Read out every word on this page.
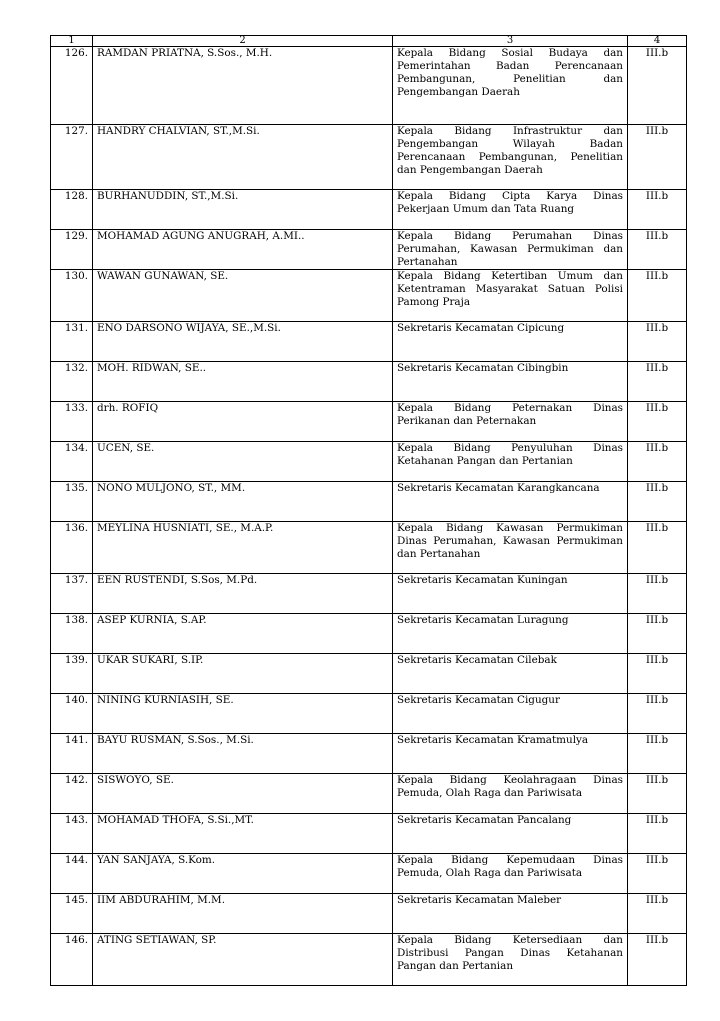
1	2	3	4
126.	RAMDAN PRIATNA, S.Sos., M.H.	Kepala Bidang Sosial Budaya dan Pemerintahan Badan Perencanaan Pembangunan, Penelitian dan Pengembangan Daerah	III.b
127.	HANDRY CHALVIAN, ST.,M.Si.	Kepala Bidang Infrastruktur dan Pengembangan Wilayah Badan Perencanaan Pembangunan, Penelitian dan Pengembangan Daerah	III.b
128.	BURHANUDDIN, ST.,M.Si.	Kepala Bidang Cipta Karya Dinas Pekerjaan Umum dan Tata Ruang	III.b
129.	MOHAMAD AGUNG ANUGRAH, A.MI..	Kepala Bidang Perumahan Dinas Perumahan, Kawasan Permukiman dan Pertanahan	III.b
130.	WAWAN GUNAWAN, SE.	Kepala Bidang Ketertiban Umum dan Ketentraman Masyarakat Satuan Polisi Pamong Praja	III.b
131.	ENO DARSONO WIJAYA, SE.,M.Si.	Sekretaris Kecamatan Cipicung	III.b
132.	MOH. RIDWAN, SE..	Sekretaris Kecamatan Cibingbin	III.b
133.	drh. ROFIQ	Kepala Bidang Peternakan Dinas Perikanan dan Peternakan	III.b
134.	UCEN, SE.	Kepala Bidang Penyuluhan Dinas Ketahanan Pangan dan Pertanian	III.b
135.	NONO MULJONO, ST., MM.	Sekretaris Kecamatan Karangkancana	III.b
136.	MEYLINA HUSNIATI, SE., M.A.P.	Kepala Bidang Kawasan Permukiman Dinas Perumahan, Kawasan Permukiman dan Pertanahan	III.b
137.	EEN RUSTENDI, S.Sos, M.Pd.	Sekretaris Kecamatan Kuningan	III.b
138.	ASEP KURNIA, S.AP.	Sekretaris Kecamatan Luragung	III.b
139.	UKAR SUKARI, S.IP.	Sekretaris Kecamatan Cilebak	III.b
140.	NINING KURNIASIH, SE.	Sekretaris Kecamatan Cigugur	III.b
141.	BAYU RUSMAN, S.Sos., M.Si.	Sekretaris Kecamatan Kramatmulya	III.b
142.	SISWOYO, SE.	Kepala Bidang Keolahragaan Dinas Pemuda, Olah Raga dan Pariwisata	III.b
143.	MOHAMAD THOFA, S.Si.,MT.	Sekretaris Kecamatan Pancalang	III.b
144.	YAN SANJAYA, S.Kom.	Kepala Bidang Kepemudaan Dinas Pemuda, Olah Raga dan Pariwisata	III.b
145.	IIM ABDURAHIM, M.M.	Sekretaris Kecamatan Maleber	III.b
146.	ATING SETIAWAN, SP.	Kepala Bidang Ketersediaan dan Distribusi Pangan Dinas Ketahanan Pangan dan Pertanian	III.b
